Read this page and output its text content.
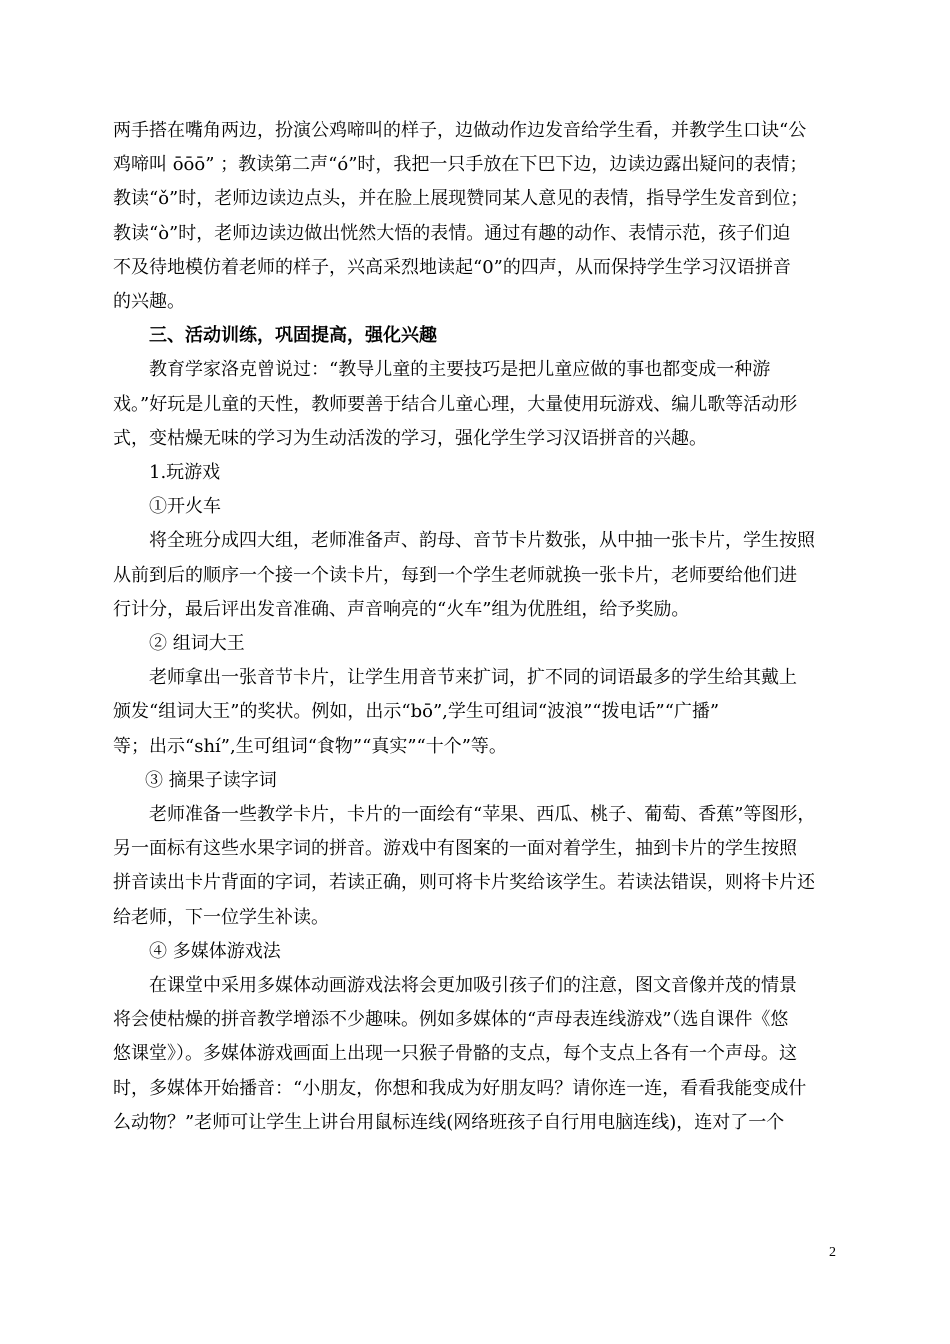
两手搭在嘴角两边，扮演公鸡啼叫的样子，边做动作边发音给学生看，并教学生口诀“公

鸡啼叫 ōōō” ；教读第二声“ó”时，我把一只手放在下巴下边，边读边露出疑问的表情；

教读“ǒ”时，老师边读边点头，并在脸上展现赞同某人意见的表情，指导学生发音到位；

教读“ò”时，老师边读边做出恍然大悟的表情。通过有趣的动作、表情示范，孩子们迫

不及待地模仿着老师的样子，兴高采烈地读起“0”的四声，从而保持学生学习汉语拼音

的兴趣。

三、活动训练，巩固提高，强化兴趣

教育学家洛克曾说过：“教导儿童的主要技巧是把儿童应做的事也都变成一种游

戏。”好玩是儿童的天性，教师要善于结合儿童心理，大量使用玩游戏、编儿歌等活动形

式，变枯燥无味的学习为生动活泼的学习，强化学生学习汉语拼音的兴趣。

1.玩游戏

①开火车

将全班分成四大组，老师准备声、韵母、音节卡片数张，从中抽一张卡片，学生按照

从前到后的顺序一个接一个读卡片，每到一个学生老师就换一张卡片，老师要给他们进

行计分，最后评出发音准确、声音响亮的“火车”组为优胜组，给予奖励。

② 组词大王

老师拿出一张音节卡片，让学生用音节来扩词，扩不同的词语最多的学生给其戴上

颁发“组词大王”的奖状。例如，出示“bō”,学生可组词“波浪”“拨电话”“广播”

等；出示“shí”,生可组词“食物”“真实”“十个”等。

③ 摘果子读字词

老师准备一些教学卡片，卡片的一面绘有“苹果、西瓜、桃子、葡萄、香蕉”等图形，

另一面标有这些水果字词的拼音。游戏中有图案的一面对着学生，抽到卡片的学生按照

拼音读出卡片背面的字词，若读正确，则可将卡片奖给该学生。若读法错误，则将卡片还

给老师，下一位学生补读。

④ 多媒体游戏法

在课堂中采用多媒体动画游戏法将会更加吸引孩子们的注意，图文音像并茂的情景

将会使枯燥的拼音教学增添不少趣味。例如多媒体的“声母表连线游戏”（选自课件《悠

悠课堂》）。多媒体游戏画面上出现一只猴子骨骼的支点，每个支点上各有一个声母。这

时，多媒体开始播音：“小朋友，你想和我成为好朋友吗？请你连一连，看看我能变成什

么动物？”老师可让学生上讲台用鼠标连线(网络班孩子自行用电脑连线)，连对了一个

2
